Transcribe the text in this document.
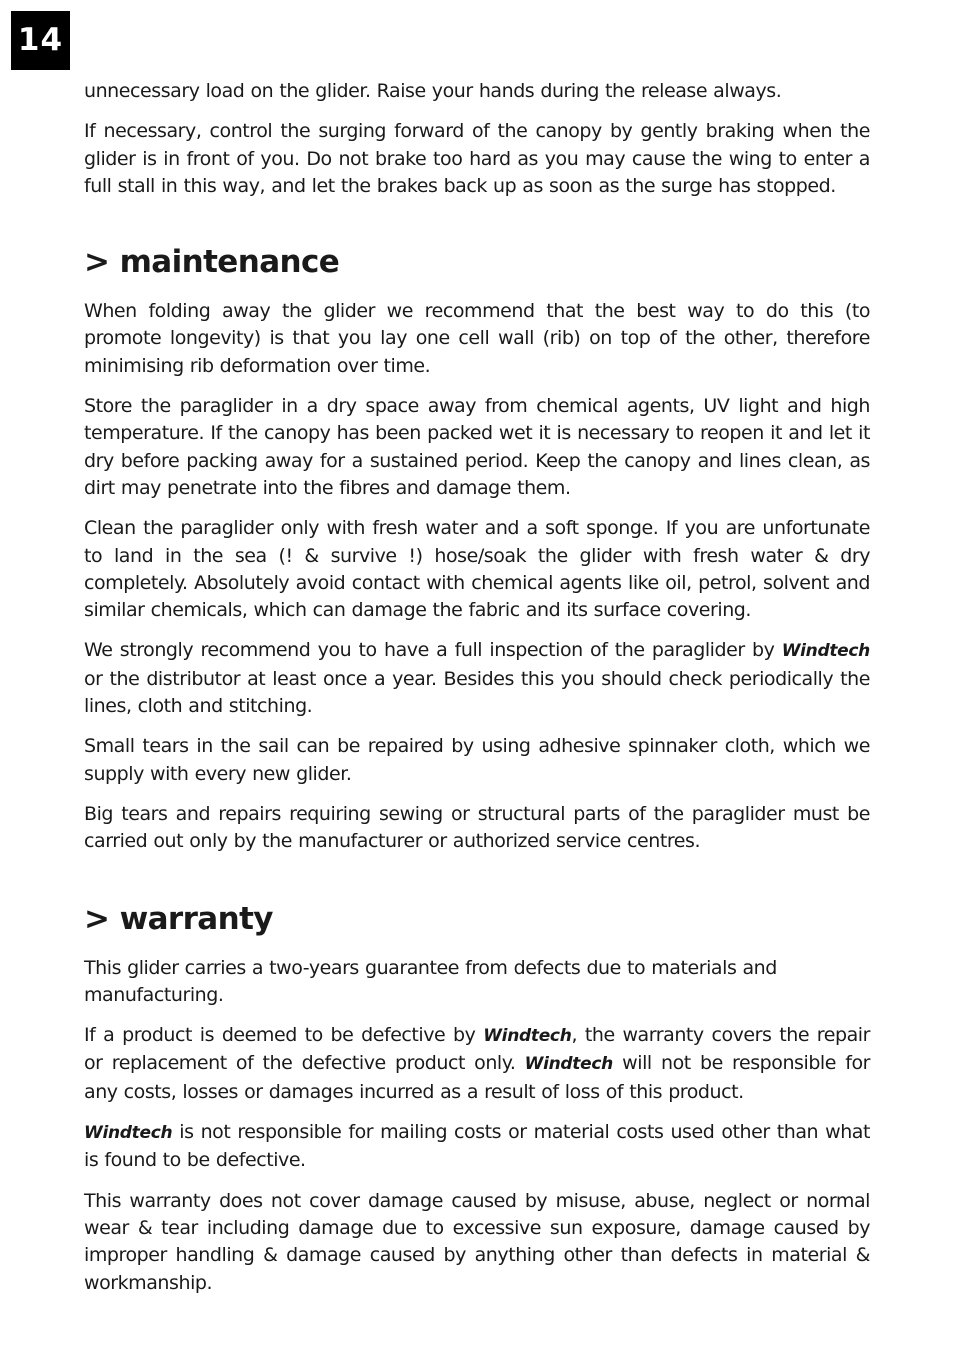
14

unnecessary load on the glider. Raise your hands during the release always.

If necessary, control the surging forward of the canopy by gently braking when the glider is in front of you. Do not brake too hard as you may cause the wing to enter a full stall in this way, and let the brakes back up as soon as the surge has stopped.

> maintenance

When folding away the glider we recommend that the best way to do this (to promote longevity) is that you lay one cell wall (rib) on top of the other, therefore minimising rib deformation over time.

Store the paraglider in a dry space away from chemical agents, UV light and high temperature. If the canopy has been packed wet it is necessary to reopen it and let it dry before packing away for a sustained period. Keep the canopy and lines clean, as dirt may penetrate into the fibres and damage them.

Clean the paraglider only with fresh water and a soft sponge. If you are unfortunate to land in the sea (! & survive !) hose/soak the glider with fresh water & dry completely. Absolutely avoid contact with chemical agents like oil, petrol, solvent and similar chemicals, which can damage the fabric and its surface covering.

We strongly recommend you to have a full inspection of the paraglider by Windtech or the distributor at least once a year. Besides this you should check periodically the lines, cloth and stitching.

Small tears in the sail can be repaired by using adhesive spinnaker cloth, which we supply with every new glider.

Big tears and repairs requiring sewing or structural parts of the paraglider must be carried out only by the manufacturer or authorized service centres.

> warranty

This glider carries a two-years guarantee from defects due to materials and manufacturing.

If a product is deemed to be defective by Windtech, the warranty covers the repair or replacement of the defective product only. Windtech will not be responsible for any costs, losses or damages incurred as a result of loss of this product.

Windtech is not responsible for mailing costs or material costs used other than what is found to be defective.

This warranty does not cover damage caused by misuse, abuse, neglect or normal wear & tear including damage due to excessive sun exposure, damage caused by improper handling & damage caused by anything other than defects in material & workmanship.
